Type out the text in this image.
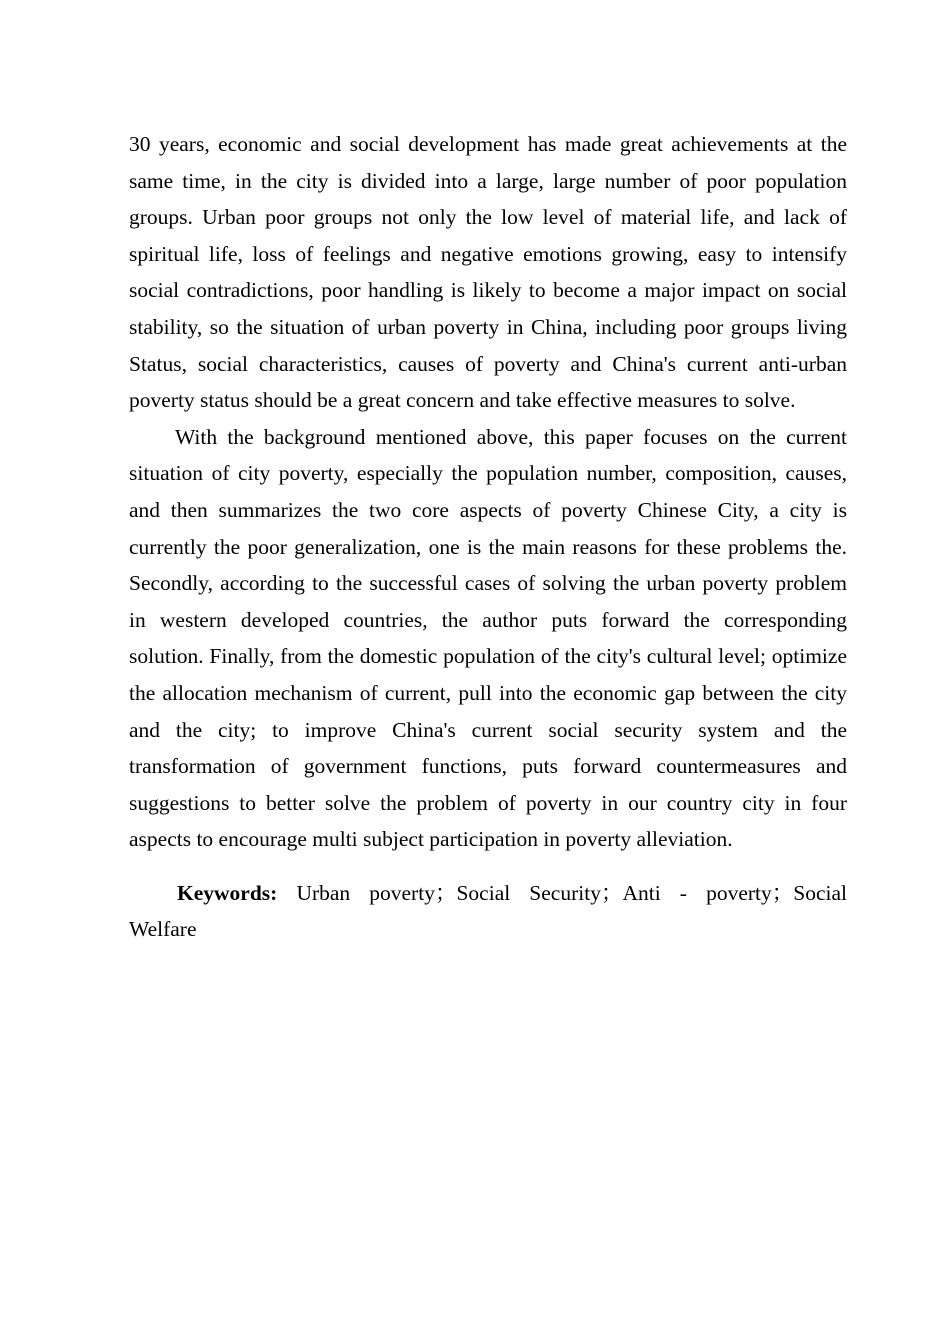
30 years, economic and social development has made great achievements at the same time, in the city is divided into a large, large number of poor population groups. Urban poor groups not only the low level of material life, and lack of spiritual life, loss of feelings and negative emotions growing, easy to intensify social contradictions, poor handling is likely to become a major impact on social stability, so the situation of urban poverty in China, including poor groups living Status, social characteristics, causes of poverty and China's current anti-urban poverty status should be a great concern and take effective measures to solve.

With the background mentioned above, this paper focuses on the current situation of city poverty, especially the population number, composition, causes, and then summarizes the two core aspects of poverty Chinese City, a city is currently the poor generalization, one is the main reasons for these problems the. Secondly, according to the successful cases of solving the urban poverty problem in western developed countries, the author puts forward the corresponding solution. Finally, from the domestic population of the city's cultural level; optimize the allocation mechanism of current, pull into the economic gap between the city and the city; to improve China's current social security system and the transformation of government functions, puts forward countermeasures and suggestions to better solve the problem of poverty in our country city in four aspects to encourage multi subject participation in poverty alleviation.

Keywords: Urban poverty；Social Security；Anti - poverty；Social Welfare
